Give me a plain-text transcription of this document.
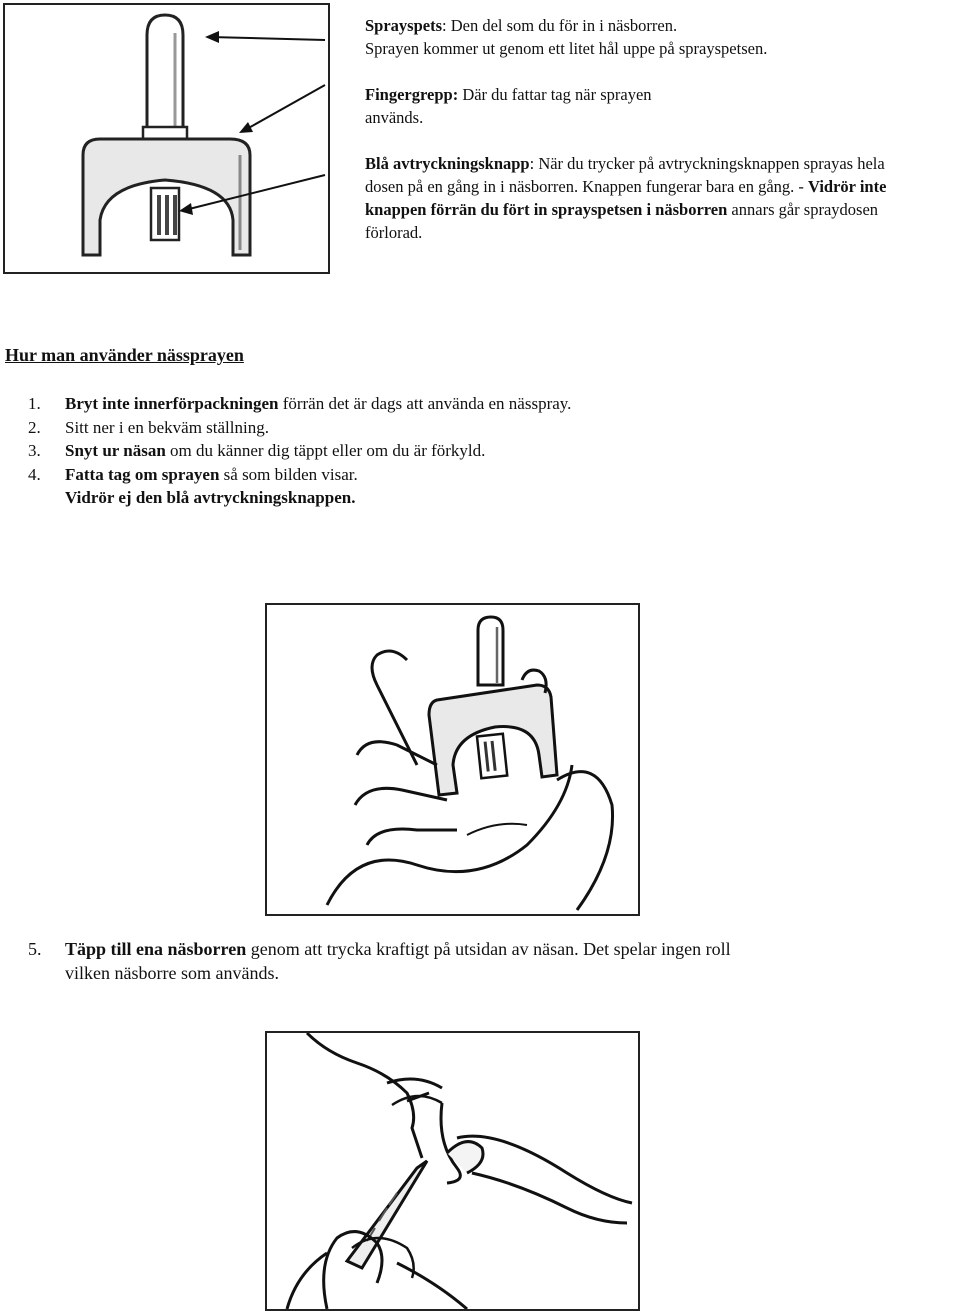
Sprayspets: Den del som du för in i näsborren.
Sprayen kommer ut genom ett litet hål uppe på sprayspetsen.

Fingergrepp: Där du fattar tag när sprayen
används.

Blå avtryckningsknapp: När du trycker på avtryckningsknappen sprayas hela
dosen på en gång in i näsborren. Knappen fungerar bara en gång. - Vidrör inte
knappen förrän du fört in sprayspetsen i näsborren annars går spraydosen
förlorad.

Hur man använder nässprayen
1.	Bryt inte innerförpackningen förrän det är dags att använda en nässpray.
2.	Sitt ner i en bekväm ställning.
3.	Snyt ur näsan om du känner dig täppt eller om du är förkyld.
4.	Fatta tag om sprayen så som bilden visar.
Vidrör ej den blå avtryckningsknappen.
5.	Täpp till ena näsborren genom att trycka kraftigt på utsidan av näsan. Det spelar ingen roll
vilken näsborre som används.
